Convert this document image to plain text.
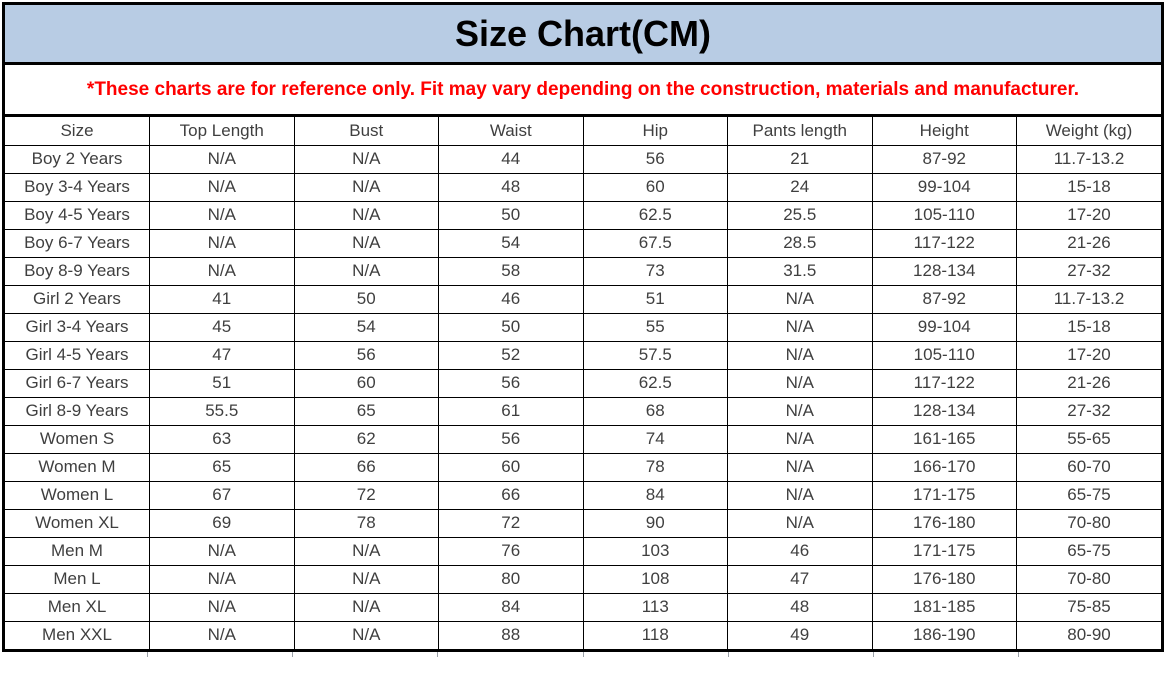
Size Chart(CM)

*These charts are for reference only. Fit may vary depending on the construction, materials and manufacturer.

Size	Top Length	Bust	Waist	Hip	Pants length	Height	Weight (kg)
Boy 2 Years	N/A	N/A	44	56	21	87-92	11.7-13.2
Boy 3-4 Years	N/A	N/A	48	60	24	99-104	15-18
Boy 4-5 Years	N/A	N/A	50	62.5	25.5	105-110	17-20
Boy 6-7 Years	N/A	N/A	54	67.5	28.5	117-122	21-26
Boy 8-9 Years	N/A	N/A	58	73	31.5	128-134	27-32
Girl 2 Years	41	50	46	51	N/A	87-92	11.7-13.2
Girl 3-4 Years	45	54	50	55	N/A	99-104	15-18
Girl 4-5 Years	47	56	52	57.5	N/A	105-110	17-20
Girl 6-7 Years	51	60	56	62.5	N/A	117-122	21-26
Girl 8-9 Years	55.5	65	61	68	N/A	128-134	27-32
Women S	63	62	56	74	N/A	161-165	55-65
Women M	65	66	60	78	N/A	166-170	60-70
Women L	67	72	66	84	N/A	171-175	65-75
Women XL	69	78	72	90	N/A	176-180	70-80
Men M	N/A	N/A	76	103	46	171-175	65-75
Men L	N/A	N/A	80	108	47	176-180	70-80
Men XL	N/A	N/A	84	113	48	181-185	75-85
Men XXL	N/A	N/A	88	118	49	186-190	80-90
